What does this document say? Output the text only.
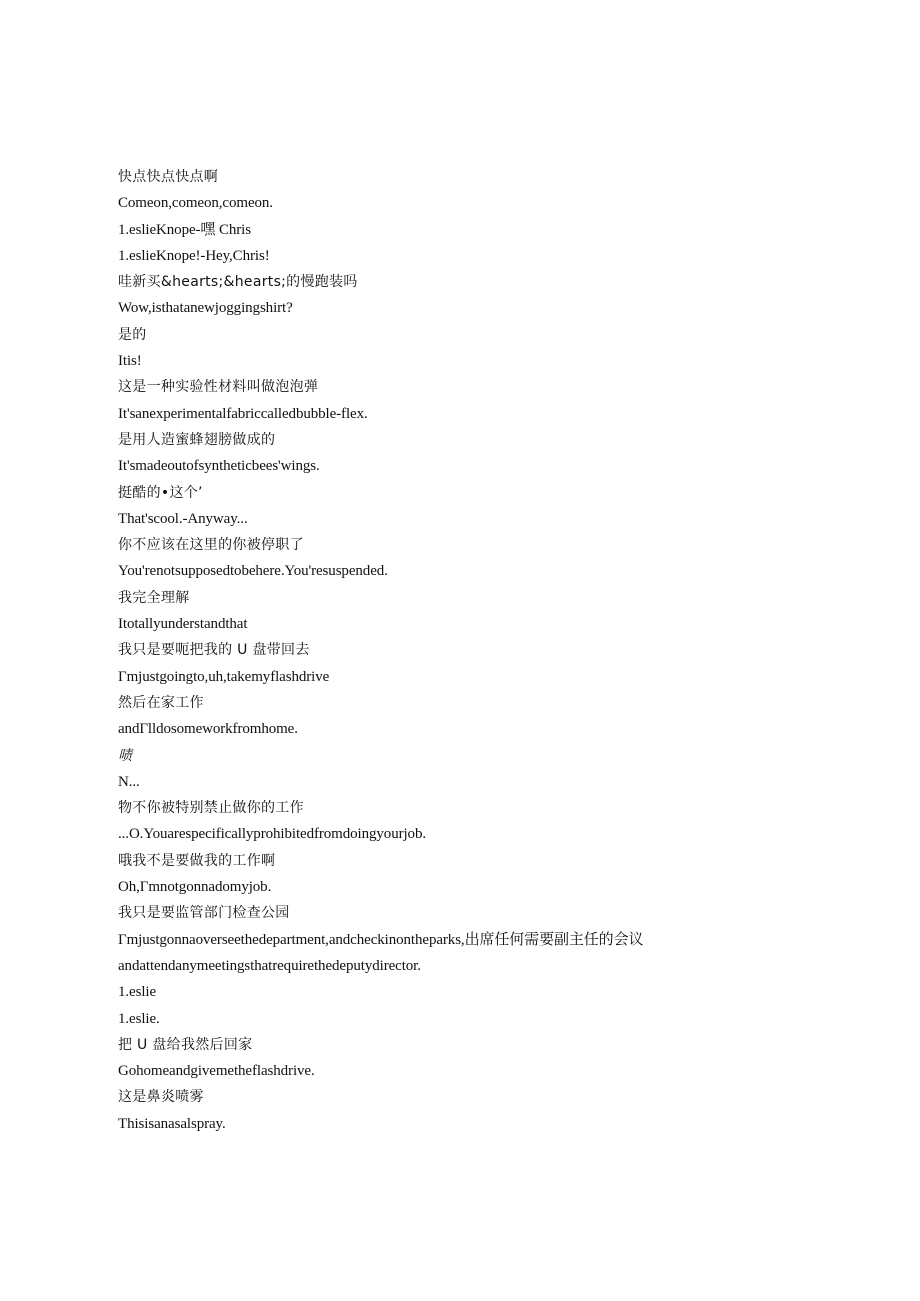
快点快点快点啊
Comeon,comeon,comeon.
1.eslieKnope-嘿 Chris
1.eslieKnope!-Hey,Chris!
哇新买&hearts;&hearts;的慢跑装吗
Wow,isthatanewjoggingshirt?
是的
Itis!
这是一种实验性材料叫做泡泡弹
It'sanexperimentalfabriccalledbubble-flex.
是用人造蜜蜂翅膀做成的
It'smadeoutofsyntheticbees'wings.
挺酷的•这个’
That'scool.-Anyway...
你不应该在这里的你被停职了
You'renotsupposedtobehere.You'resuspended.
我完全理解
Itotallyunderstandthat
我只是要呃把我的 U 盘带回去
Γmjustgoingto,uh,takemyflashdrive
然后在家工作
andΓlldosomeworkfromhome.
啧
N...
物不你被特别禁止做你的工作
...O.Youarespecificallyprohibitedfromdoingyourjob.
哦我不是要做我的工作啊
Oh,Γmnotgonnadomyjob.
我只是要监管部门检查公园
Γmjustgonnaoverseethedepartment,andcheckinontheparks,出席任何需要副主任的会议
andattendanymeetingsthatrequirethedeputydirector.
1.eslie
1.eslie.
把 U 盘给我然后回家
Gohomeandgivemetheflashdrive.
这是鼻炎喷雾
Thisisanasalspray.
